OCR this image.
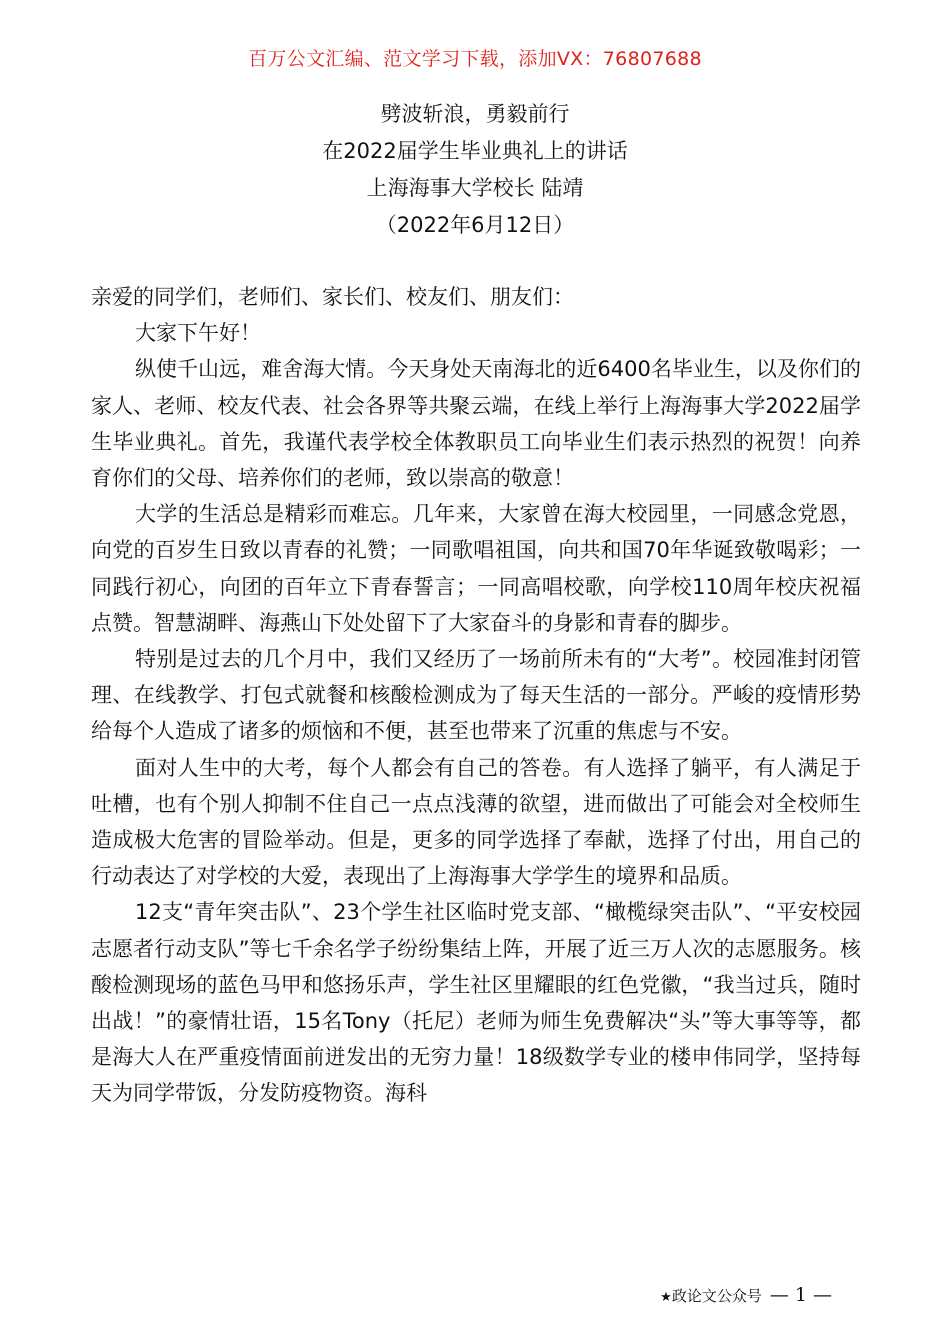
百万公文汇编、范文学习下载，添加VX：76807688
劈波斩浪，勇毅前行
在2022届学生毕业典礼上的讲话
上海海事大学校长 陆靖
（2022年6月12日）

亲爱的同学们，老师们、家长们、校友们、朋友们：

大家下午好！

纵使千山远，难舍海大情。今天身处天南海北的近6400名毕业生，以及你们的家人、老师、校友代表、社会各界等共聚云端，在线上举行上海海事大学2022届学生毕业典礼。首先，我谨代表学校全体教职员工向毕业生们表示热烈的祝贺！向养育你们的父母、培养你们的老师，致以崇高的敬意！

大学的生活总是精彩而难忘。几年来，大家曾在海大校园里，一同感念党恩，向党的百岁生日致以青春的礼赞；一同歌唱祖国，向共和国70年华诞致敬喝彩；一同践行初心，向团的百年立下青春誓言；一同高唱校歌，向学校110周年校庆祝福点赞。智慧湖畔、海燕山下处处留下了大家奋斗的身影和青春的脚步。

特别是过去的几个月中，我们又经历了一场前所未有的“大考”。校园准封闭管理、在线教学、打包式就餐和核酸检测成为了每天生活的一部分。严峻的疫情形势给每个人造成了诸多的烦恼和不便，甚至也带来了沉重的焦虑与不安。

面对人生中的大考，每个人都会有自己的答卷。有人选择了躺平，有人满足于吐槽，也有个别人抑制不住自己一点点浅薄的欲望，进而做出了可能会对全校师生造成极大危害的冒险举动。但是，更多的同学选择了奉献，选择了付出，用自己的行动表达了对学校的大爱，表现出了上海海事大学学生的境界和品质。

12支“青年突击队”、23个学生社区临时党支部、“橄榄绿突击队”、“平安校园志愿者行动支队”等七千余名学子纷纷集结上阵，开展了近三万人次的志愿服务。核酸检测现场的蓝色马甲和悠扬乐声，学生社区里耀眼的红色党徽，“我当过兵，随时出战！”的豪情壮语，15名Tony（托尼）老师为师生免费解决“头”等大事等等，都是海大人在严重疫情面前迸发出的无穷力量！18级数学专业的楼申伟同学，坚持每天为同学带饭，分发防疫物资。海科

★政论文公众号 — 1 —
